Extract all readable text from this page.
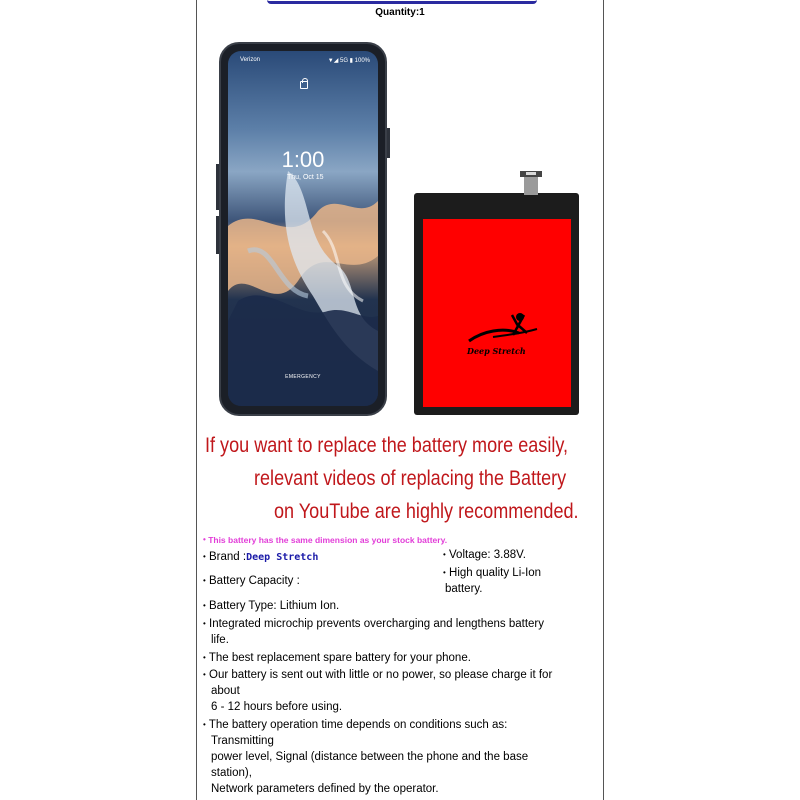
Quantity:1
Verizon	▼◢ 5G ▮ 100%
1:00
Thu, Oct 15
EMERGENCY
Deep Stretch
If you want to replace the battery more easily,
relevant videos of replacing the Battery
on YouTube are highly recommended.
• This battery has the same dimension as your stock battery.
• Brand :Deep Stretch	• Voltage: 3.88V.
• Battery Capacity :
• High quality Li-Ion
battery.
• Battery Type: Lithium Ion.
• Integrated microchip prevents overcharging and lengthens battery
life.
• The best replacement spare battery for your phone.
• Our battery is sent out with little or no power, so please charge it for
about
6 - 12 hours before using.
• The battery operation time depends on conditions such as:
Transmitting
power level, Signal (distance between the phone and the base
station),
Network parameters defined by the operator.
